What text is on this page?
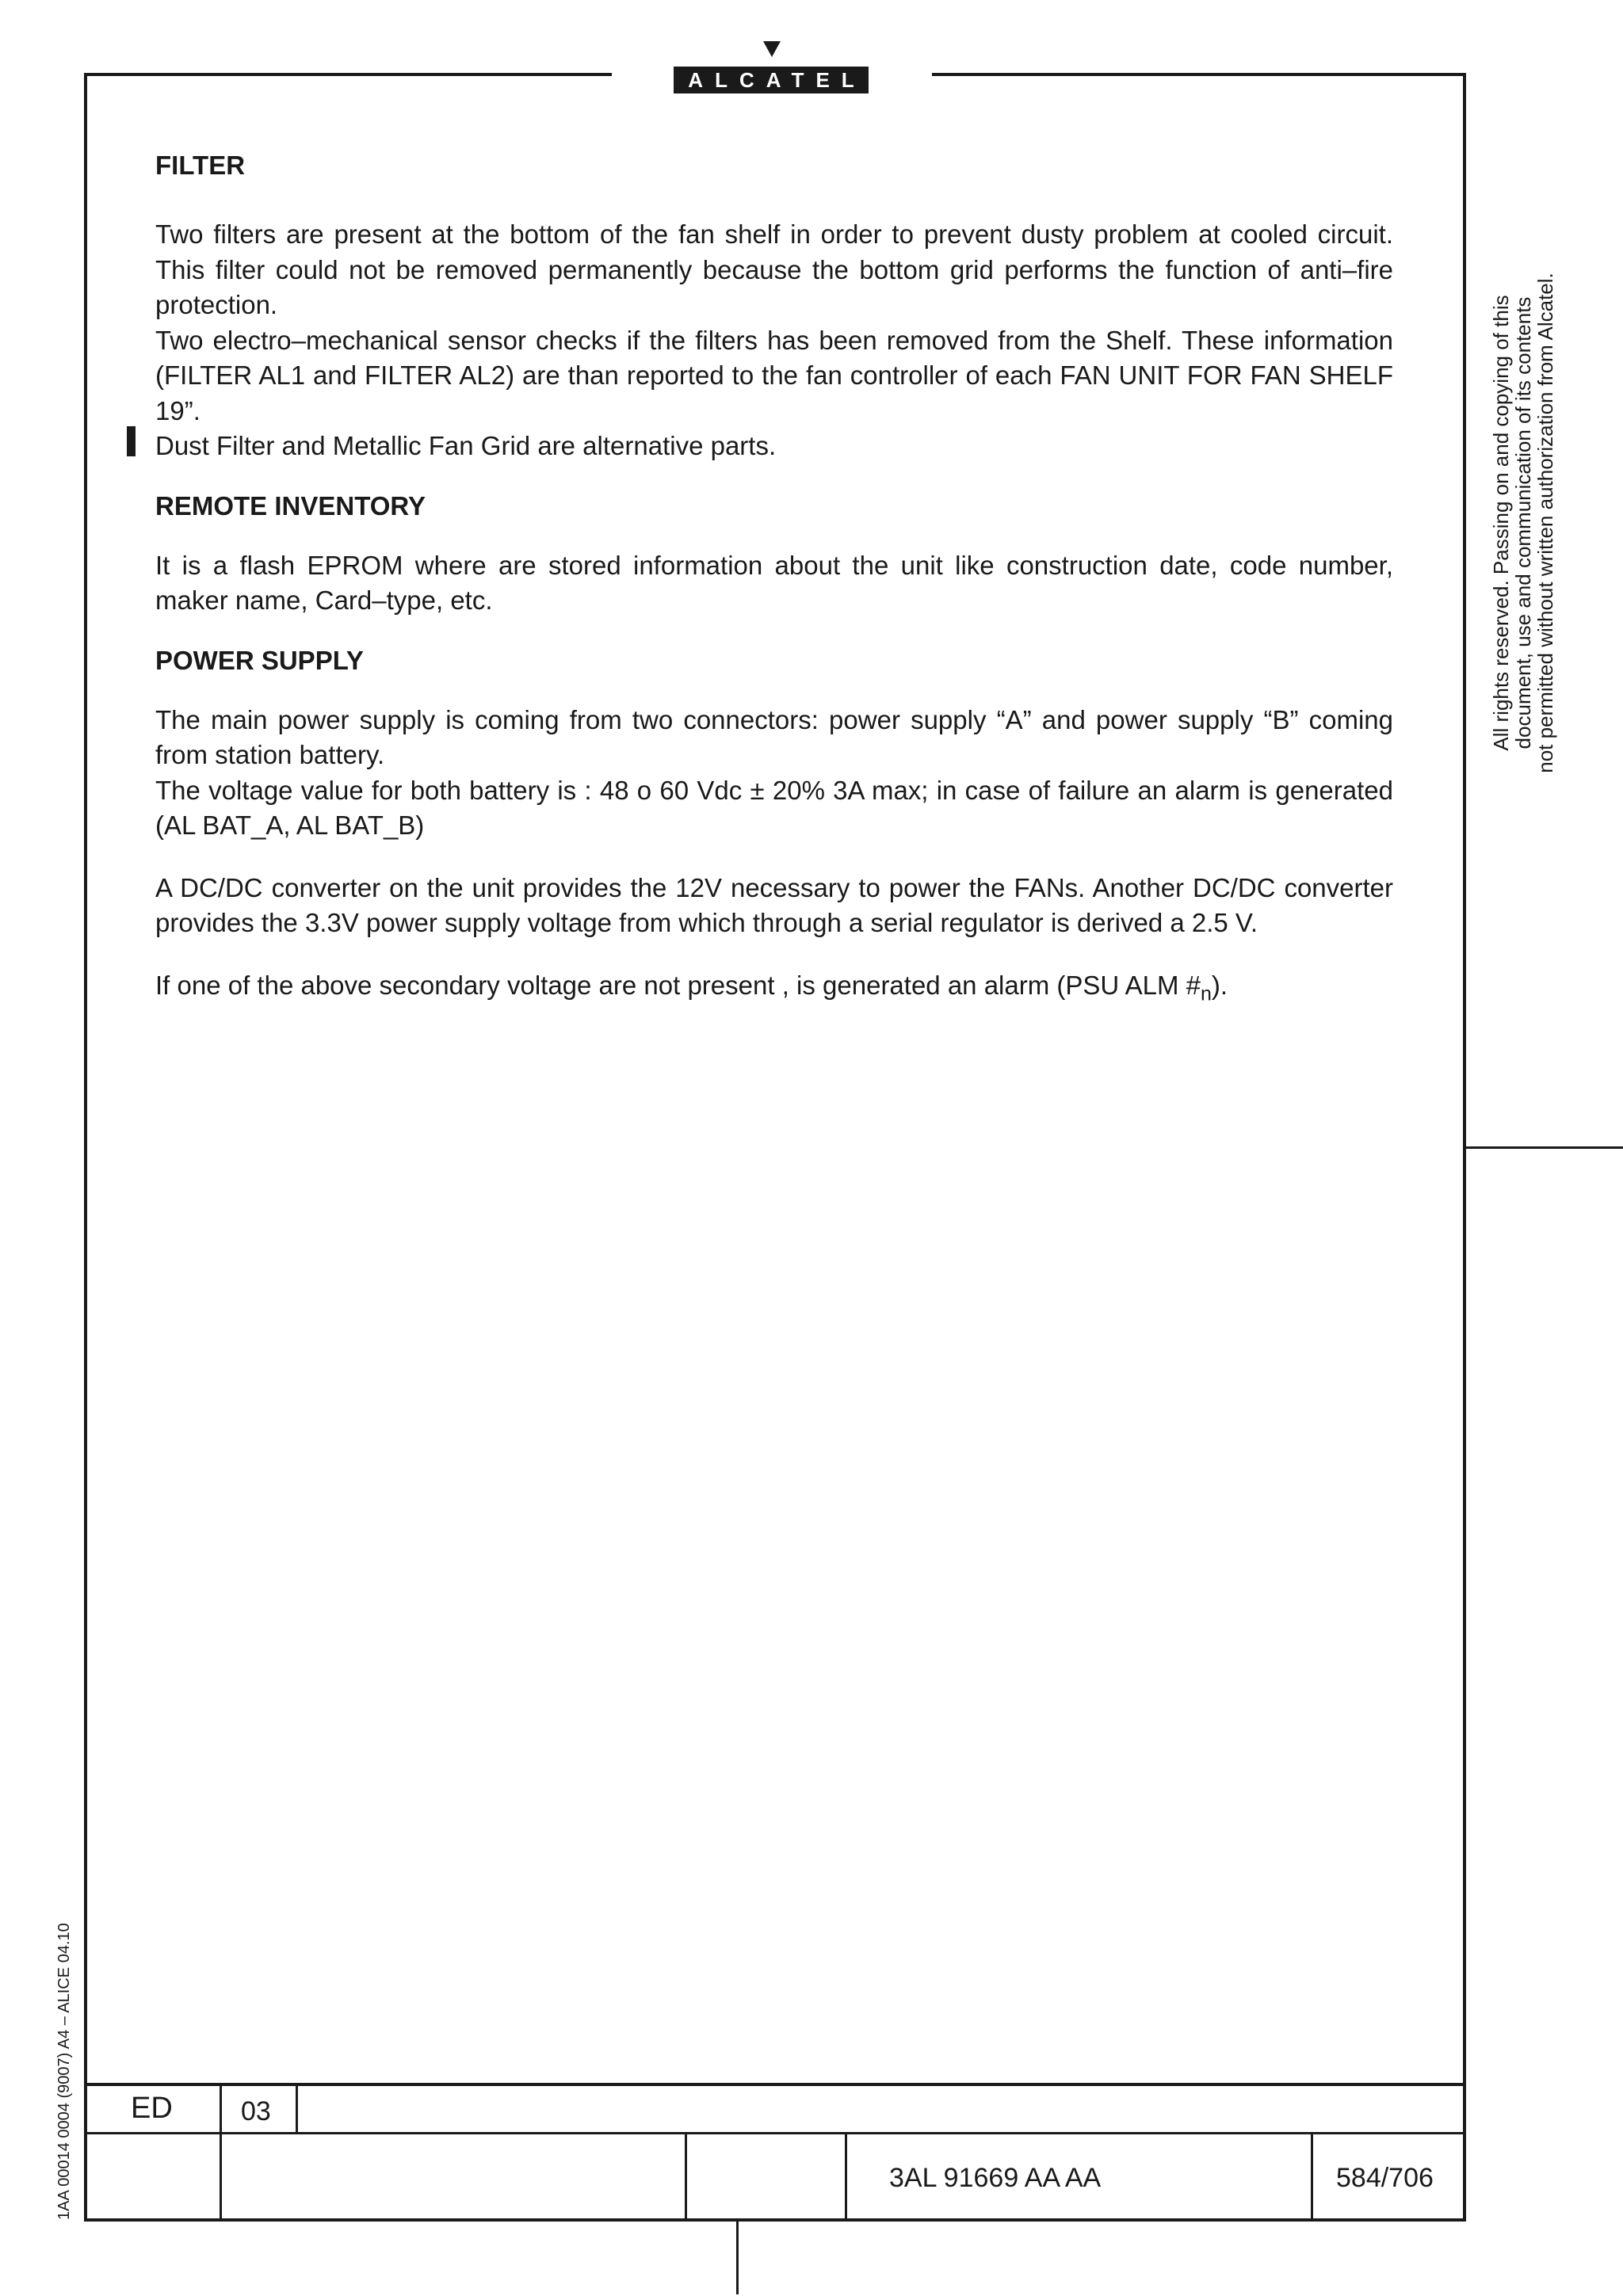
ALCATEL

FILTER

Two filters are present at the bottom of the fan shelf in order to prevent dusty problem at cooled circuit. This filter could not be removed permanently because the bottom grid performs the function of anti–fire protection.

Two electro–mechanical sensor checks if the filters has been removed from the Shelf. These information (FILTER AL1 and FILTER AL2) are than reported to the fan controller of each FAN UNIT FOR FAN SHELF 19”.

Dust Filter and Metallic Fan Grid are alternative parts.

REMOTE INVENTORY

It is a flash EPROM where are stored information about the unit like construction date, code number, maker name, Card–type, etc.

POWER SUPPLY

The main power supply is coming from two connectors: power supply “A” and power supply “B” coming from station battery.

The voltage value for both battery is : 48 o 60 Vdc ± 20% 3A max; in case of failure an alarm is generated (AL BAT_A, AL BAT_B)

A DC/DC converter on the unit provides the 12V necessary to power the FANs. Another DC/DC converter provides the 3.3V power supply voltage from which through a serial regulator is derived a 2.5 V.

If one of the above secondary voltage are not present , is generated an alarm (PSU ALM $\#_n$).

All rights reserved. Passing on and copying of this
document, use and communication of its contents
not permitted without written authorization from Alcatel.
1AA 00014 0004 (9007) A4 – ALICE 04.10 ED	03
3AL 91669 AA AA	584/706
